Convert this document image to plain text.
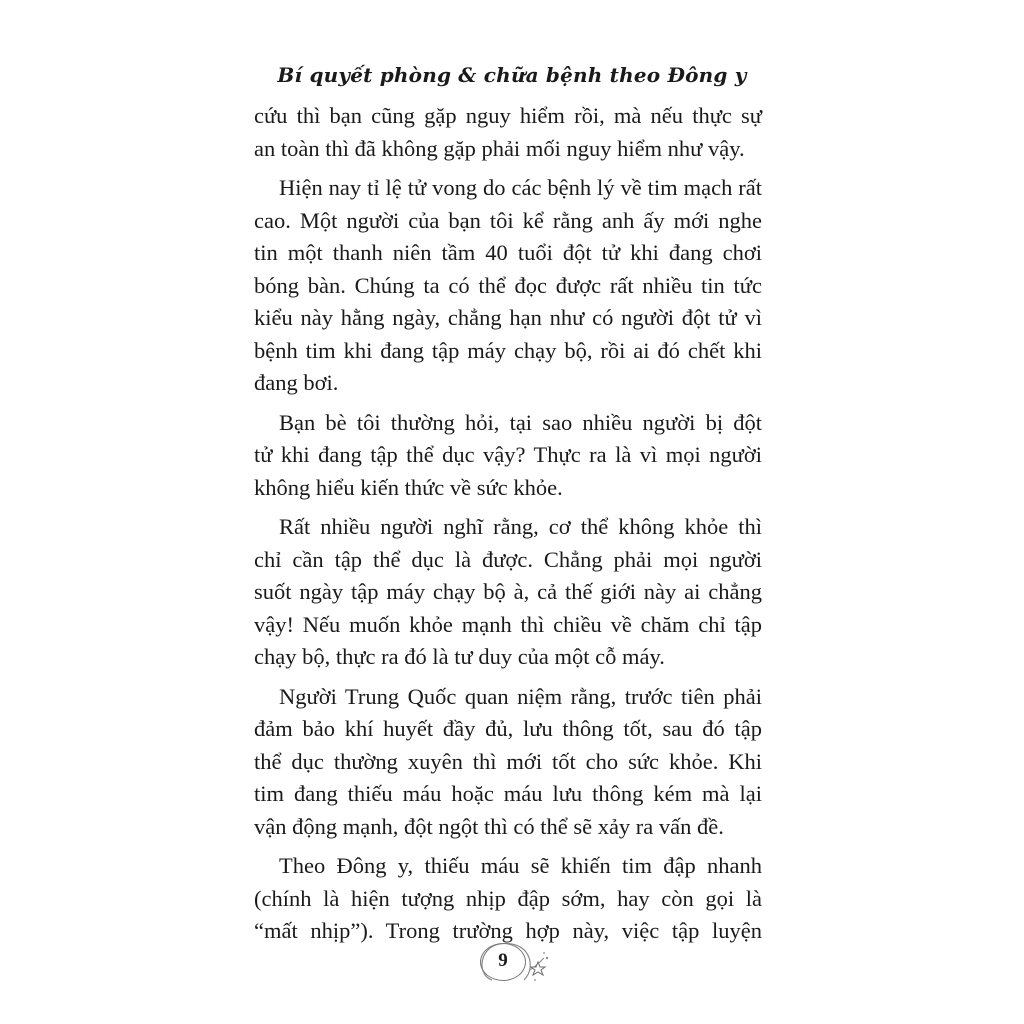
Bí quyết phòng & chữa bệnh theo Đông y
cứu thì bạn cũng gặp nguy hiểm rồi, mà nếu thực sự
an toàn thì đã không gặp phải mối nguy hiểm như vậy.
Hiện nay tỉ lệ tử vong do các bệnh lý về tim mạch rất
cao. Một người của bạn tôi kể rằng anh ấy mới nghe
tin một thanh niên tầm 40 tuổi đột tử khi đang chơi
bóng bàn. Chúng ta có thể đọc được rất nhiều tin tức
kiểu này hằng ngày, chẳng hạn như có người đột tử vì
bệnh tim khi đang tập máy chạy bộ, rồi ai đó chết khi
đang bơi.
Bạn bè tôi thường hỏi, tại sao nhiều người bị đột
tử khi đang tập thể dục vậy? Thực ra là vì mọi người
không hiểu kiến thức về sức khỏe.
Rất nhiều người nghĩ rằng, cơ thể không khỏe thì
chỉ cần tập thể dục là được. Chẳng phải mọi người
suốt ngày tập máy chạy bộ à, cả thế giới này ai chẳng
vậy! Nếu muốn khỏe mạnh thì chiều về chăm chỉ tập
chạy bộ, thực ra đó là tư duy của một cỗ máy.
Người Trung Quốc quan niệm rằng, trước tiên phải
đảm bảo khí huyết đầy đủ, lưu thông tốt, sau đó tập
thể dục thường xuyên thì mới tốt cho sức khỏe. Khi
tim đang thiếu máu hoặc máu lưu thông kém mà lại
vận động mạnh, đột ngột thì có thể sẽ xảy ra vấn đề.
Theo Đông y, thiếu máu sẽ khiến tim đập nhanh
(chính là hiện tượng nhịp đập sớm, hay còn gọi là
“mất nhịp”). Trong trường hợp này, việc tập luyện
9
